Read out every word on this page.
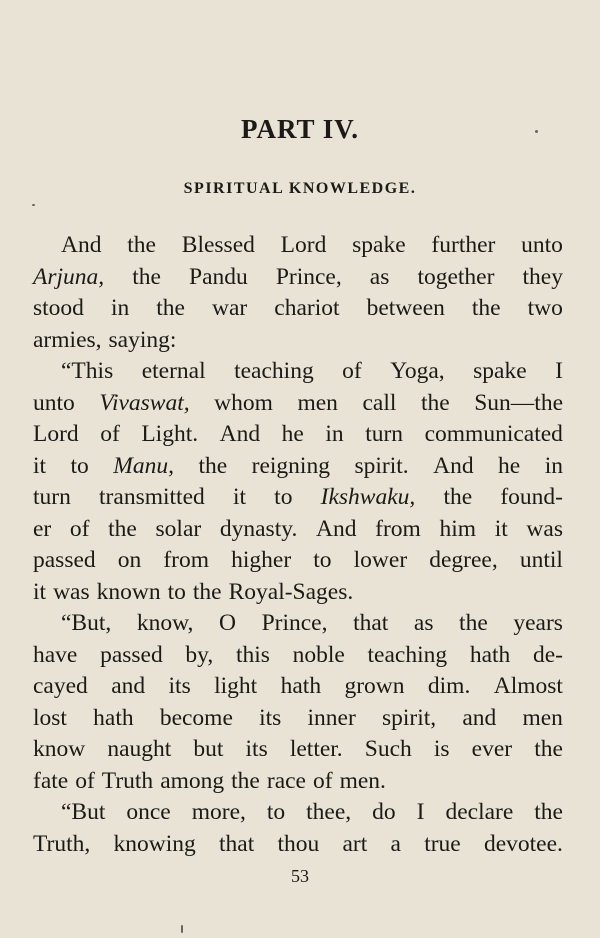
PART IV.
SPIRITUAL KNOWLEDGE.
And the Blessed Lord spake further unto
Arjuna, the Pandu Prince, as together they
stood in the war chariot between the two
armies, saying:
“This eternal teaching of Yoga, spake I
unto Vivaswat, whom men call the Sun—the
Lord of Light. And he in turn communicated
it to Manu, the reigning spirit. And he in
turn transmitted it to Ikshwaku, the found-
er of the solar dynasty. And from him it was
passed on from higher to lower degree, until
it was known to the Royal-Sages.
“But, know, O Prince, that as the years
have passed by, this noble teaching hath de-
cayed and its light hath grown dim. Almost
lost hath become its inner spirit, and men
know naught but its letter. Such is ever the
fate of Truth among the race of men.
“But once more, to thee, do I declare the
Truth, knowing that thou art a true devotee.
53
